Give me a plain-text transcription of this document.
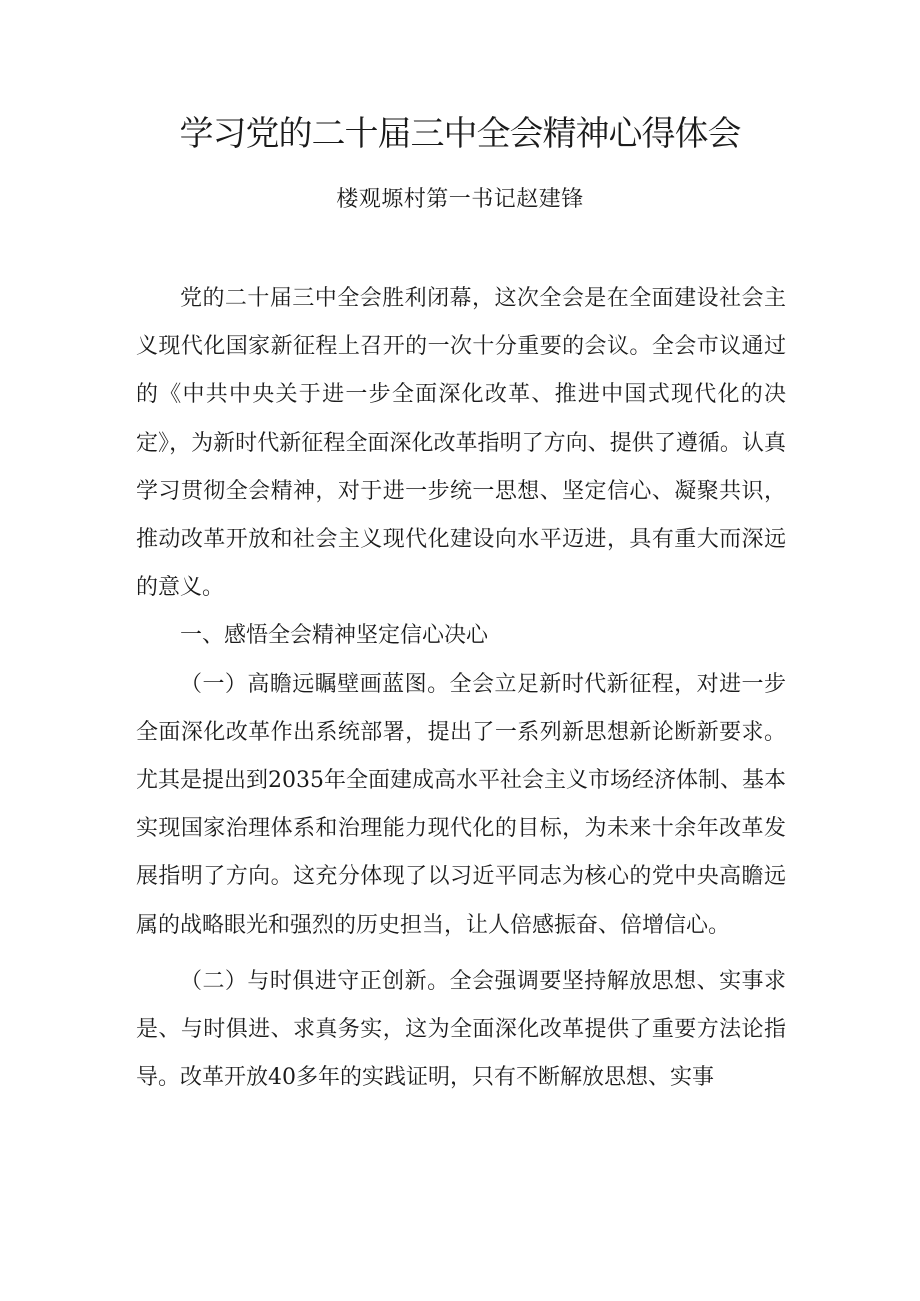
学习党的二十届三中全会精神心得体会
楼观塬村第一书记赵建锋

党的二十届三中全会胜利闭幕，这次全会是在全面建设社会主义现代化国家新征程上召开的一次十分重要的会议。全会市议通过的《中共中央关于进一步全面深化改革、推进中国式现代化的决定》，为新时代新征程全面深化改革指明了方向、提供了遵循。认真学习贯彻全会精神，对于进一步统一思想、坚定信心、凝聚共识，推动改革开放和社会主义现代化建设向水平迈进，具有重大而深远的意义。

一、感悟全会精神坚定信心决心

（一）高瞻远瞩壁画蓝图。全会立足新时代新征程，对进一步全面深化改革作出系统部署，提出了一系列新思想新论断新要求。尤其是提出到2035年全面建成高水平社会主义市场经济体制、基本实现国家治理体系和治理能力现代化的目标，为未来十余年改革发展指明了方向。这充分体现了以习近平同志为核心的党中央高瞻远属的战略眼光和强烈的历史担当，让人倍感振奋、倍增信心。

（二）与时俱进守正创新。全会强调要坚持解放思想、实事求是、与时俱进、求真务实，这为全面深化改革提供了重要方法论指导。改革开放40多年的实践证明，只有不断解放思想、实事
